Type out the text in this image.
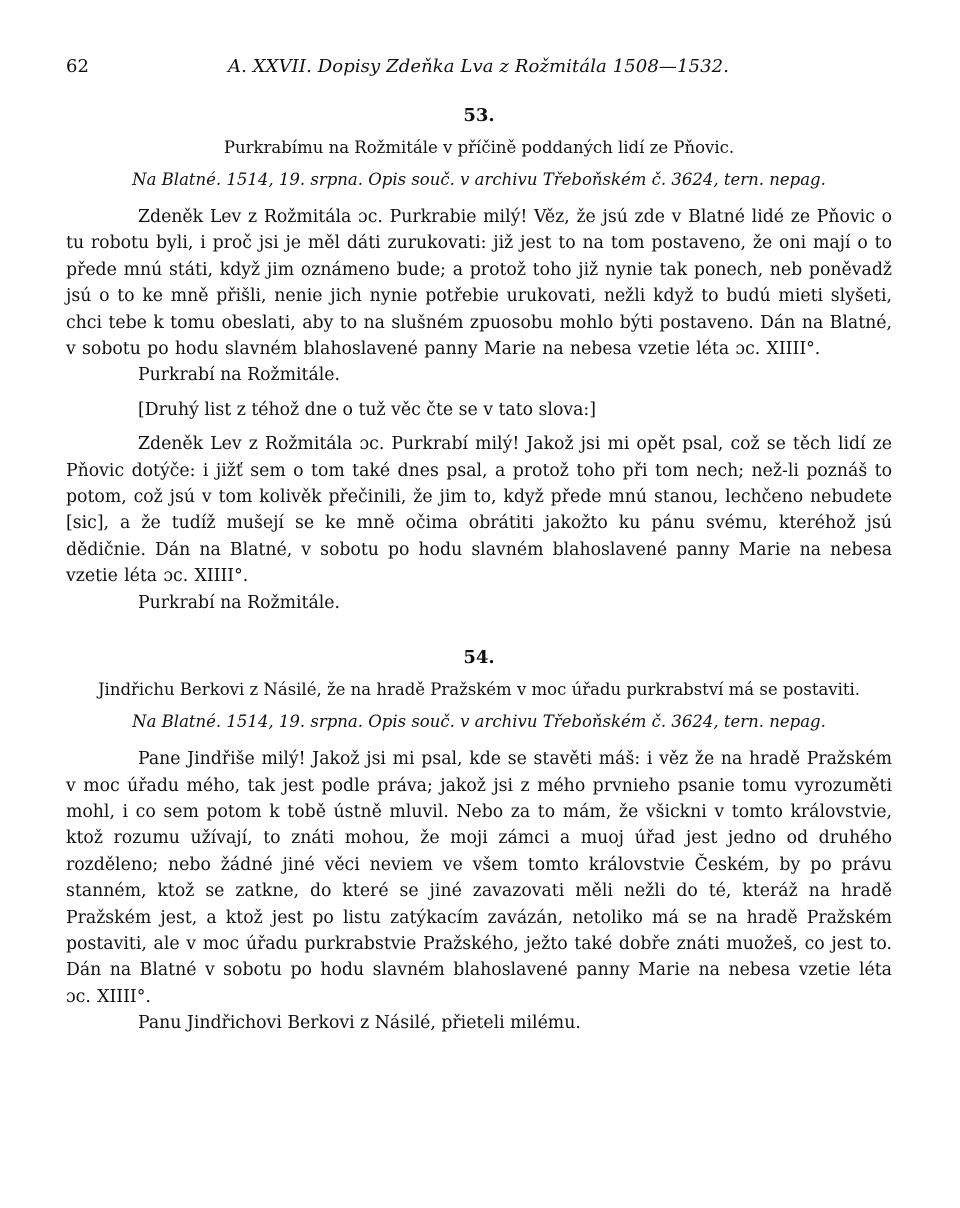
62	A. XXVII. Dopisy Zdeňka Lva z Rožmitála 1508—1532.
53.
Purkrabímu na Rožmitále v příčině poddaných lidí ze Pňovic.
Na Blatné. 1514, 19. srpna. Opis souč. v archivu Třeboňském č. 3624, tern. nepag.

Zdeněk Lev z Rožmitála ɔc. Purkrabie milý! Věz, že jsú zde v Blatné lidé ze Pňovic o tu robotu byli, i proč jsi je měl dáti zurukovati: již jest to na tom postaveno, že oni mají o to přede mnú státi, když jim oznámeno bude; a protož toho již nynie tak ponech, neb poněvadž jsú o to ke mně přišli, nenie jich nynie potřebie urukovati, nežli když to budú mieti slyšeti, chci tebe k tomu obeslati, aby to na slušném zpuosobu mohlo býti postaveno. Dán na Blatné, v sobotu po hodu slavném blahoslavené panny Marie na nebesa vzetie léta ɔc. XIIII°.

Purkrabí na Rožmitále.
[Druhý list z téhož dne o tuž věc čte se v tato slova:]

Zdeněk Lev z Rožmitála ɔc. Purkrabí milý! Jakož jsi mi opět psal, což se těch lidí ze Pňovic dotýče: i jižť sem o tom také dnes psal, a protož toho při tom nech; než-li poznáš to potom, což jsú v tom kolivěk přečinili, že jim to, když přede mnú stanou, lechčeno nebudete [sic], a že tudíž mušejí se ke mně očima obrátiti jakožto ku pánu svému, kteréhož jsú dědičnie. Dán na Blatné, v sobotu po hodu slavném blahoslavené panny Marie na nebesa vzetie léta ɔc. XIIII°.

Purkrabí na Rožmitále.
54.
Jindřichu Berkovi z Násilé, že na hradě Pražském v moc úřadu purkrabství má se postaviti.
Na Blatné. 1514, 19. srpna. Opis souč. v archivu Třeboňském č. 3624, tern. nepag.

Pane Jindřiše milý! Jakož jsi mi psal, kde se stavěti máš: i věz že na hradě Pražském v moc úřadu mého, tak jest podle práva; jakož jsi z mého prvnieho psanie tomu vyrozuměti mohl, i co sem potom k tobě ústně mluvil. Nebo za to mám, že všickni v tomto královstvie, ktož rozumu užívají, to znáti mohou, že moji zámci a muoj úřad jest jedno od druhého rozděleno; nebo žádné jiné věci neviem ve všem tomto královstvie Českém, by po právu stanném, ktož se zatkne, do které se jiné zavazovati měli nežli do té, kteráž na hradě Pražském jest, a ktož jest po listu zatýkacím zavázán, netoliko má se na hradě Pražském postaviti, ale v moc úřadu purkrabstvie Pražského, ježto také dobře znáti muožeš, co jest to. Dán na Blatné v sobotu po hodu slavném blahoslavené panny Marie na nebesa vzetie léta ɔc. XIIII°.

Panu Jindřichovi Berkovi z Násilé, přieteli milému.
